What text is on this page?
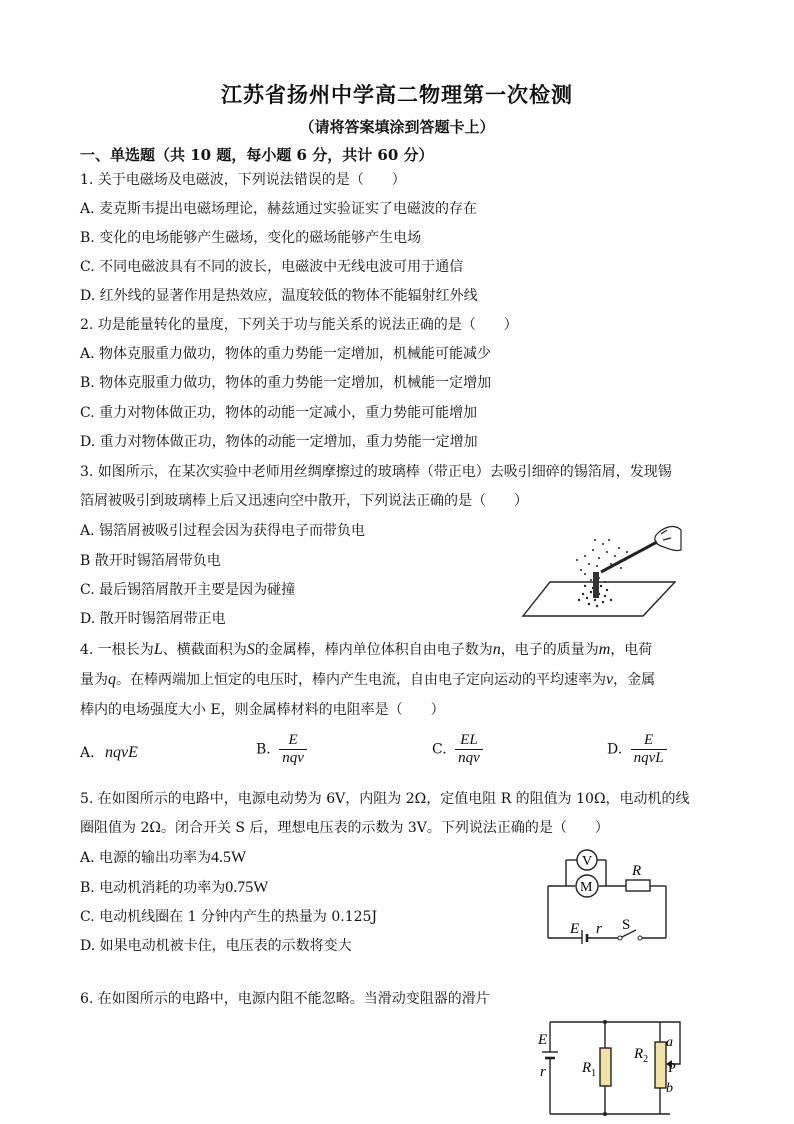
江苏省扬州中学高二物理第一次检测
（请将答案填涂到答题卡上）
一、单选题（共 10 题，每小题 6 分，共计 60 分）
1. 关于电磁场及电磁波，下列说法错误的是（　　）
A. 麦克斯韦提出电磁场理论，赫兹通过实验证实了电磁波的存在
B. 变化的电场能够产生磁场，变化的磁场能够产生电场
C. 不同电磁波具有不同的波长，电磁波中无线电波可用于通信
D. 红外线的显著作用是热效应，温度较低的物体不能辐射红外线
2. 功是能量转化的量度，下列关于功与能关系的说法正确的是（　　）
A. 物体克服重力做功，物体的重力势能一定增加，机械能可能减少
B. 物体克服重力做功，物体的重力势能一定增加，机械能一定增加
C. 重力对物体做正功，物体的动能一定减小，重力势能可能增加
D. 重力对物体做正功，物体的动能一定增加，重力势能一定增加
3. 如图所示，在某次实验中老师用丝绸摩擦过的玻璃棒（带正电）去吸引细碎的锡箔屑，发现锡
箔屑被吸引到玻璃棒上后又迅速向空中散开，下列说法正确的是（　　）
A. 锡箔屑被吸引过程会因为获得电子而带负电
B 散开时锡箔屑带负电
C. 最后锡箔屑散开主要是因为碰撞
D. 散开时锡箔屑带正电
4. 一根长为L、横截面积为S的金属棒，棒内单位体积自由电子数为n，电子的质量为m，电荷
量为q。在棒两端加上恒定的电压时，棒内产生电流，自由电子定向运动的平均速率为v，金属
棒内的电场强度大小 E，则金属棒材料的电阻率是（　　）
A. nqvE	B. $\frac{E}{\text{nqv}}$	C. $\frac{EL}{\text{nqv}}$	D. $\frac{E}{\text{nqvL}}$
5. 在如图所示的电路中，电源电动势为 6V，内阻为 2Ω，定值电阻 R 的阻值为 10Ω，电动机的线
圈阻值为 2Ω。闭合开关 S 后，理想电压表的示数为 3V。下列说法正确的是（　　）
A. 电源的输出功率为4.5W
B. 电动机消耗的功率为0.75W
C. 电动机线圈在 1 分钟内产生的热量为 0.125J
D. 如果电动机被卡住，电压表的示数将变大
V
M
R
E r S
6. 在如图所示的电路中，电源内阻不能忽略。当滑动变阻器的滑片
E
r $R_1$
$R_2$
a
P
b
